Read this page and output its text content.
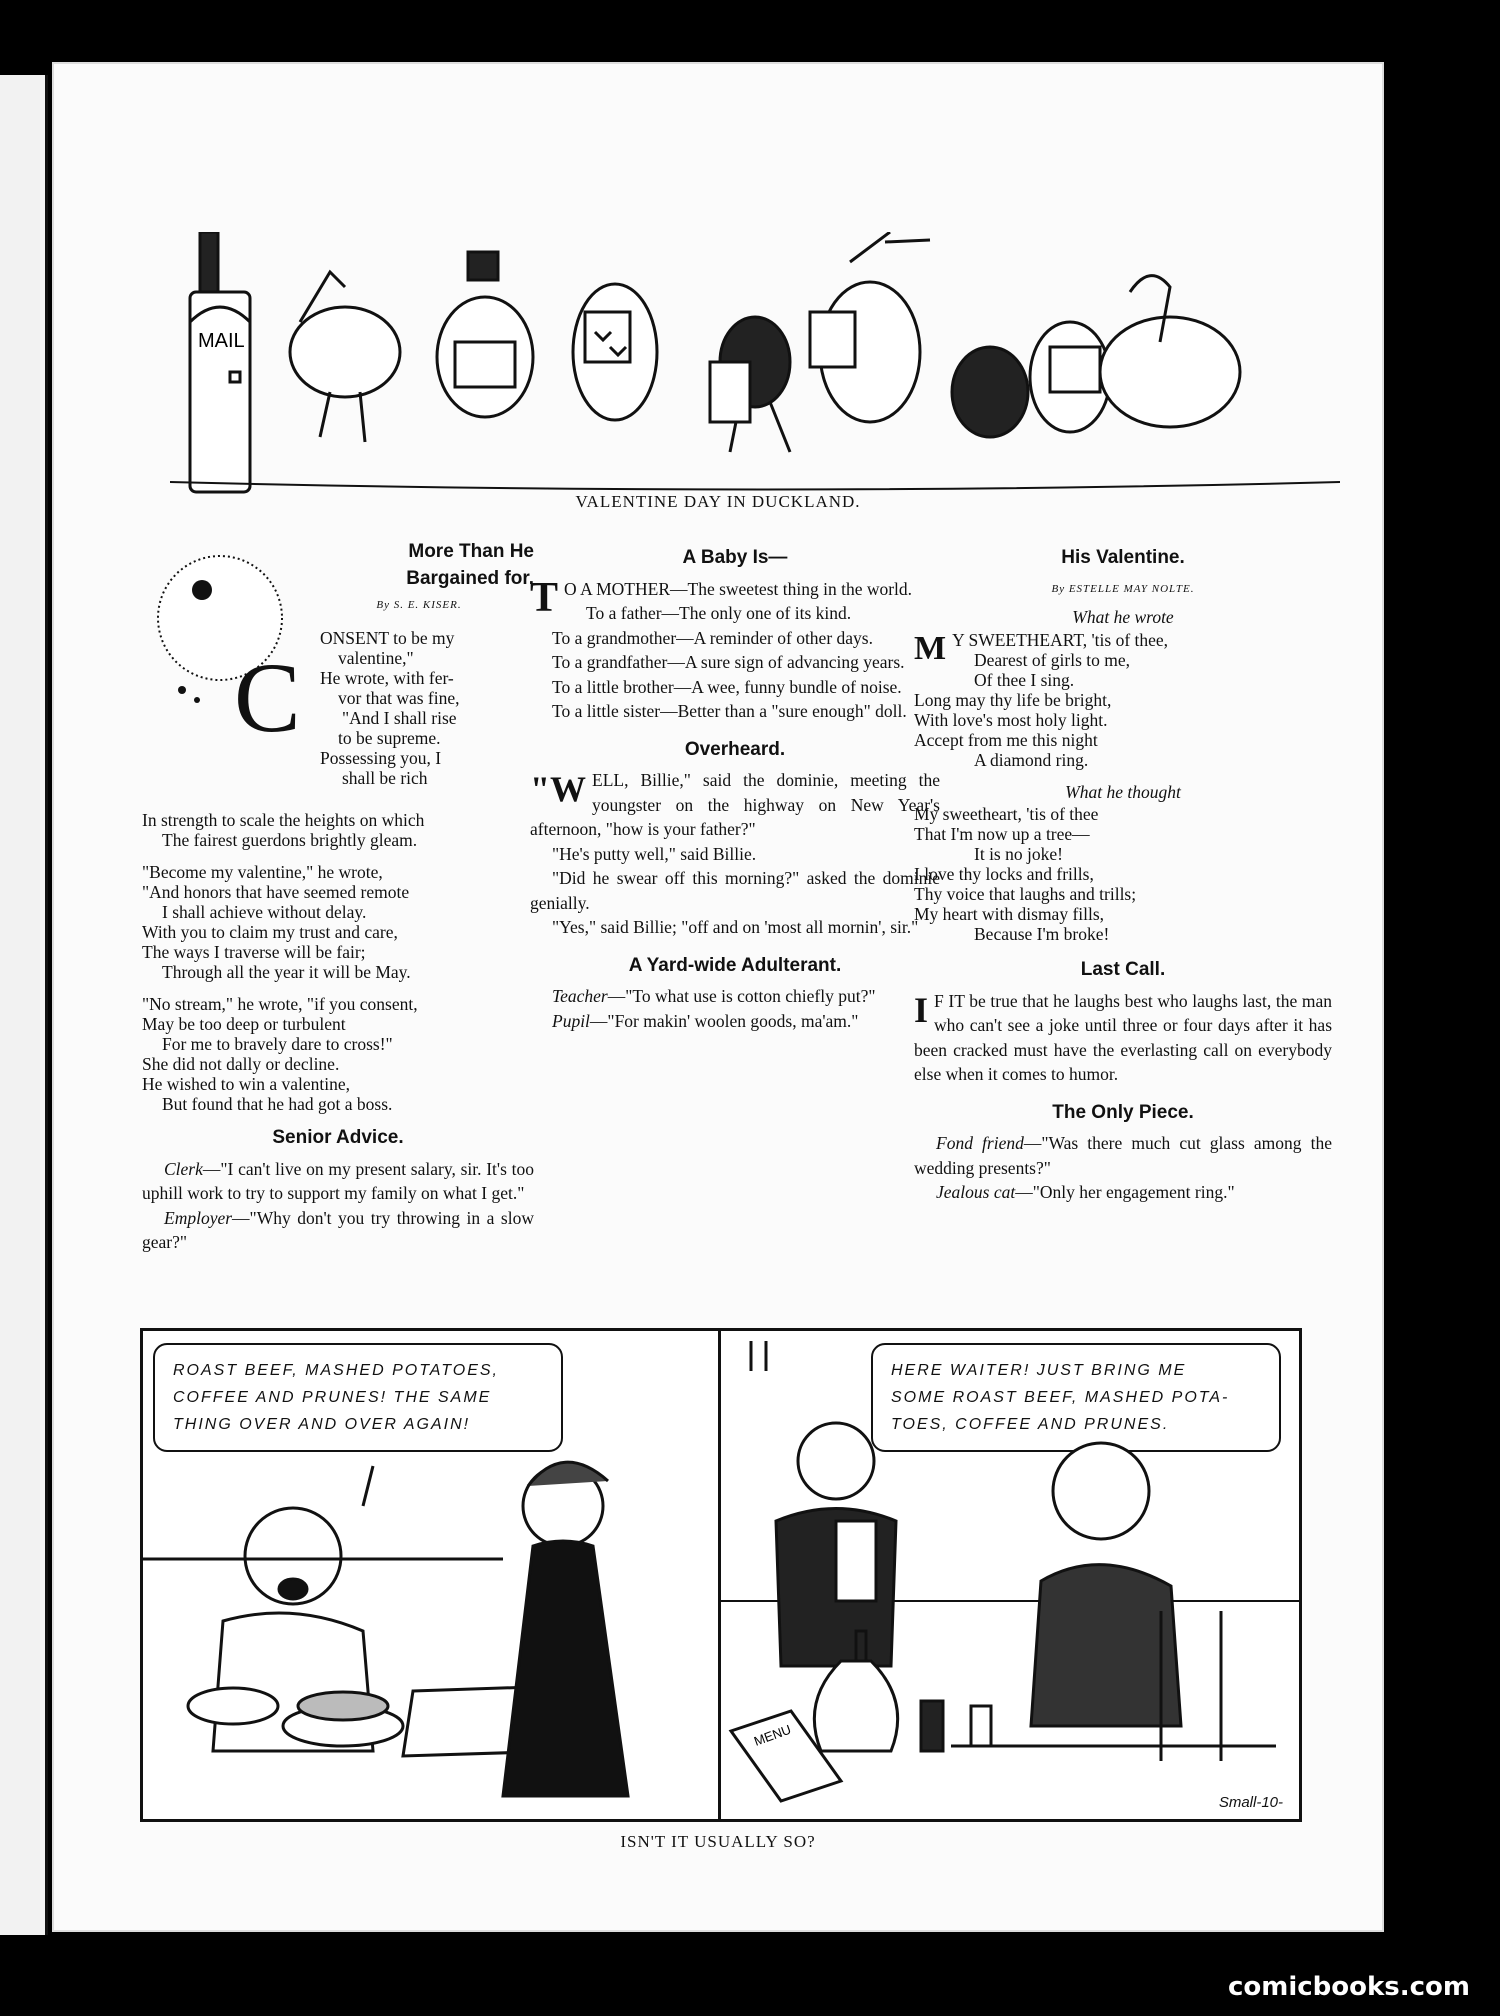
MAIL
VALENTINE DAY IN DUCKLAND.
C
More Than He
Bargained for.
By S. E. KISER.
ONSENT to be my
valentine,"
He wrote, with fer-
vor that was fine,
"And I shall rise
to be supreme.
Possessing you, I
shall be rich
In strength to scale the heights on which
The fairest guerdons brightly gleam.
"Become my valentine," he wrote,
"And honors that have seemed remote
I shall achieve without delay.
With you to claim my trust and care,
The ways I traverse will be fair;
Through all the year it will be May.
"No stream," he wrote, "if you consent,
May be too deep or turbulent
For me to bravely dare to cross!"
She did not dally or decline.
He wished to win a valentine,
But found that he had got a boss.
Senior Advice.

Clerk—"I can't live on my present salary, sir. It's too uphill work to try to support my family on what I get."

Employer—"Why don't you try throwing in a slow gear?"

A Baby Is—

T O A MOTHER—The sweetest thing in the world.

To a father—The only one of its kind.

To a grandmother—A reminder of other days.

To a grandfather—A sure sign of advancing years.

To a little brother—A wee, funny bundle of noise.

To a little sister—Better than a "sure enough" doll.

Overheard.

"WELL, Billie," said the dominie, meeting the youngster on the highway on New Year's afternoon, "how is your father?"

"He's putty well," said Billie.

"Did he swear off this morning?" asked the dominie genially.

"Yes," said Billie; "off and on 'most all mornin', sir."

A Yard-wide Adulterant.

Teacher—"To what use is cotton chiefly put?"

Pupil—"For makin' woolen goods, ma'am."

His Valentine.
By ESTELLE MAY NOLTE.
What he wrote
M Y SWEETHEART, 'tis of thee,
Dearest of girls to me,
Of thee I sing.
Long may thy life be bright,
With love's most holy light.
Accept from me this night
A diamond ring.
What he thought
My sweetheart, 'tis of thee
That I'm now up a tree—
It is no joke!
I love thy locks and frills,
Thy voice that laughs and trills;
My heart with dismay fills,
Because I'm broke!
Last Call.

I F IT be true that he laughs best who laughs last, the man who can't see a joke until three or four days after it has been cracked must have the everlasting call on everybody else when it comes to humor.

The Only Piece.

Fond friend—"Was there much cut glass among the wedding presents?"

Jealous cat—"Only her engagement ring."

ROAST BEEF, MASHED POTATOES,
COFFEE AND PRUNES! THE SAME
THING OVER AND OVER AGAIN!
HERE WAITER! JUST BRING ME
SOME ROAST BEEF, MASHED POTA-
TOES, COFFEE AND PRUNES.
MENU
Small-10-
ISN'T IT USUALLY SO?
comicbooks.com
